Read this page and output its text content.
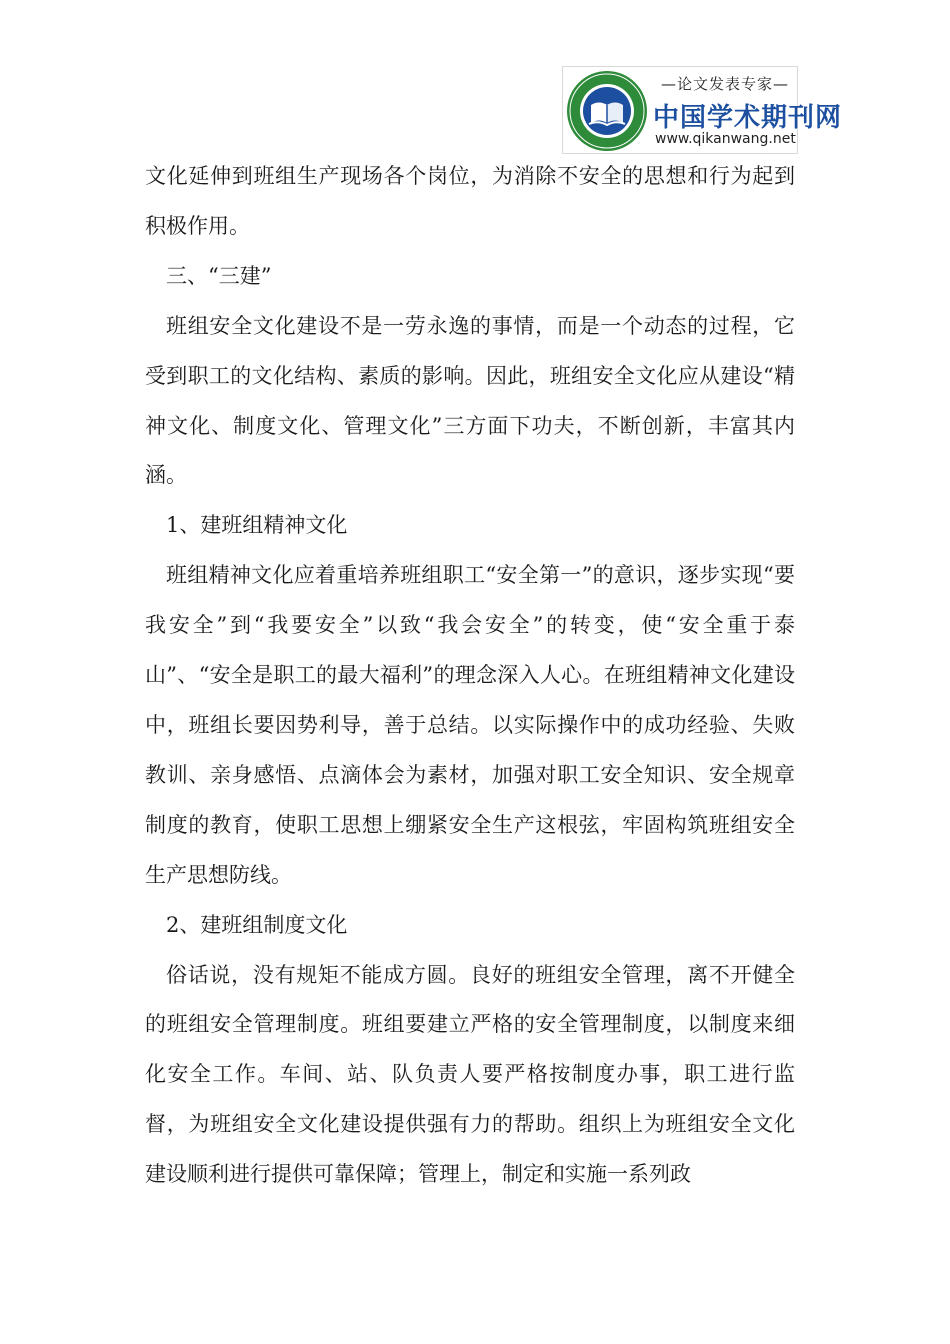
—论文发表专家—
中国学术期刊网
www.qikanwang.net

文化延伸到班组生产现场各个岗位，为消除不安全的思想和行为起到积极作用。

三、“三建”

班组安全文化建设不是一劳永逸的事情，而是一个动态的过程，它受到职工的文化结构、素质的影响。因此，班组安全文化应从建设“精神文化、制度文化、管理文化”三方面下功夫，不断创新，丰富其内涵。

1、建班组精神文化

班组精神文化应着重培养班组职工“安全第一”的意识，逐步实现“要我安全”到“我要安全”以致“我会安全”的转变，使“安全重于泰山”、“安全是职工的最大福利”的理念深入人心。在班组精神文化建设中，班组长要因势利导，善于总结。以实际操作中的成功经验、失败教训、亲身感悟、点滴体会为素材，加强对职工安全知识、安全规章制度的教育，使职工思想上绷紧安全生产这根弦，牢固构筑班组安全生产思想防线。

2、建班组制度文化

俗话说，没有规矩不能成方圆。良好的班组安全管理，离不开健全的班组安全管理制度。班组要建立严格的安全管理制度，以制度来细化安全工作。车间、站、队负责人要严格按制度办事，职工进行监督，为班组安全文化建设提供强有力的帮助。组织上为班组安全文化建设顺利进行提供可靠保障；管理上，制定和实施一系列政
